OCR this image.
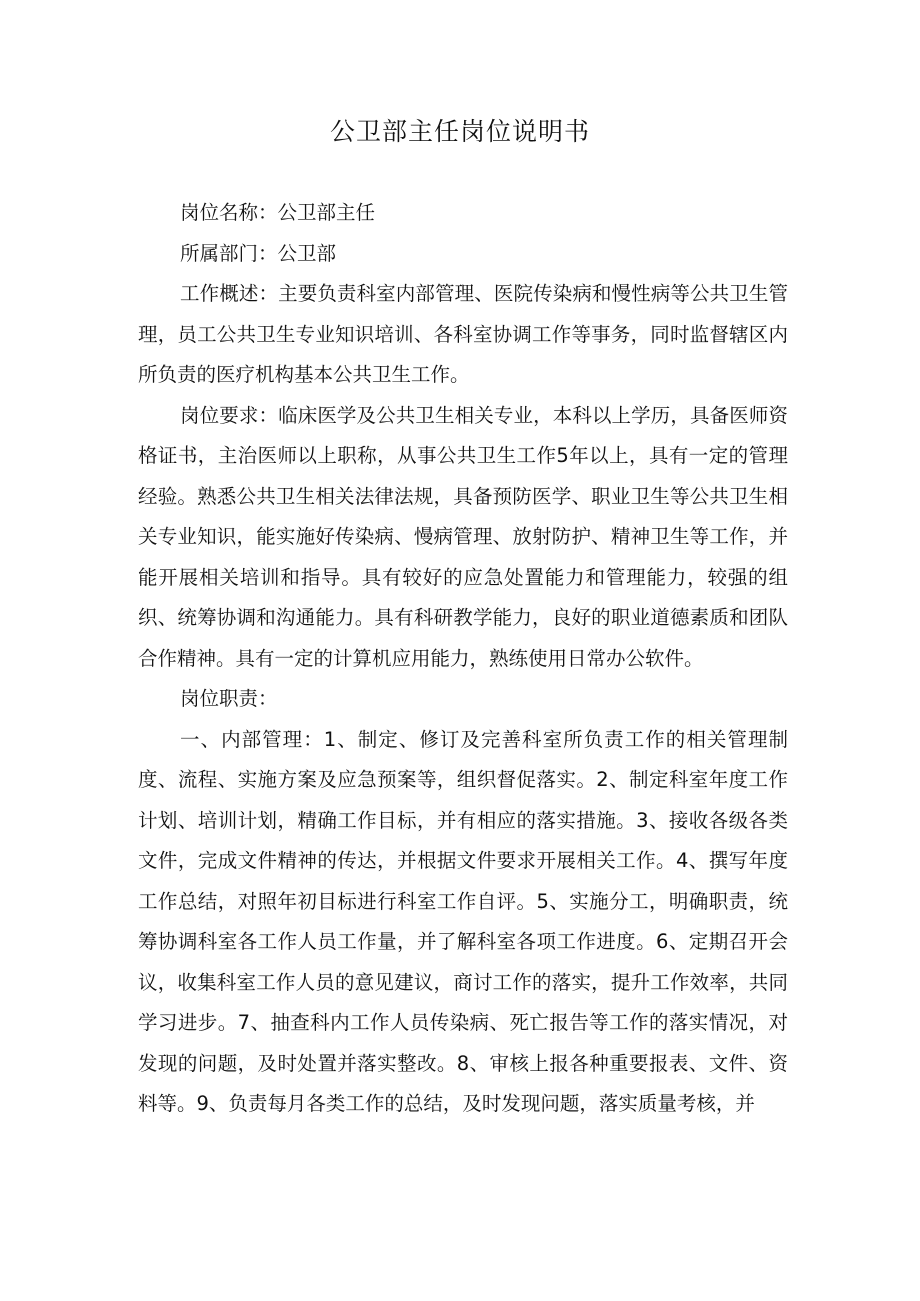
公卫部主任岗位说明书

岗位名称：公卫部主任

所属部门：公卫部

工作概述：主要负责科室内部管理、医院传染病和慢性病等公共卫生管理，员工公共卫生专业知识培训、各科室协调工作等事务，同时监督辖区内所负责的医疗机构基本公共卫生工作。

岗位要求：临床医学及公共卫生相关专业，本科以上学历，具备医师资格证书，主治医师以上职称，从事公共卫生工作5年以上，具有一定的管理经验。熟悉公共卫生相关法律法规，具备预防医学、职业卫生等公共卫生相关专业知识，能实施好传染病、慢病管理、放射防护、精神卫生等工作，并能开展相关培训和指导。具有较好的应急处置能力和管理能力，较强的组织、统筹协调和沟通能力。具有科研教学能力，良好的职业道德素质和团队合作精神。具有一定的计算机应用能力，熟练使用日常办公软件。

岗位职责：

一、内部管理：1、制定、修订及完善科室所负责工作的相关管理制度、流程、实施方案及应急预案等，组织督促落实。2、制定科室年度工作计划、培训计划，精确工作目标，并有相应的落实措施。3、接收各级各类文件，完成文件精神的传达，并根据文件要求开展相关工作。4、撰写年度工作总结，对照年初目标进行科室工作自评。5、实施分工，明确职责，统筹协调科室各工作人员工作量，并了解科室各项工作进度。6、定期召开会议，收集科室工作人员的意见建议，商讨工作的落实，提升工作效率，共同学习进步。7、抽查科内工作人员传染病、死亡报告等工作的落实情况，对发现的问题，及时处置并落实整改。8、审核上报各种重要报表、文件、资料等。9、负责每月各类工作的总结，及时发现问题，落实质量考核，并
